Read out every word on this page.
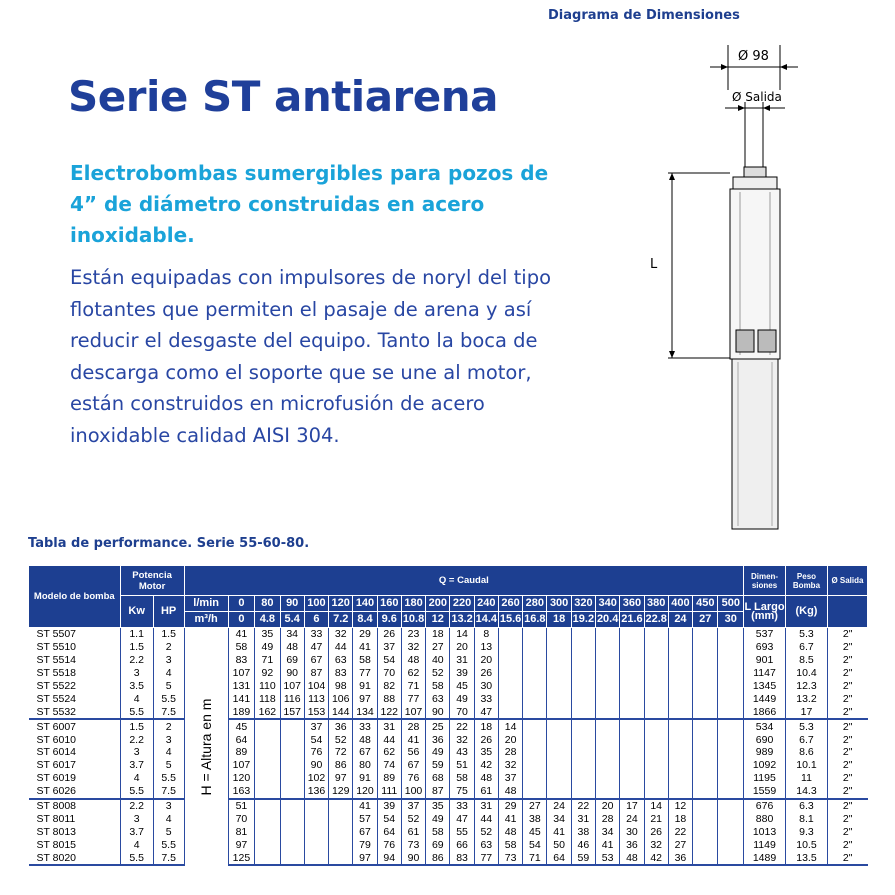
Diagrama de Dimensiones
Ø 98
Ø Salida
L
Serie ST antiarena
Electrobombas sumergibles para pozos de 4” de diámetro construidas en acero inoxidable.
Están equipadas con impulsores de noryl del tipo flotantes que permiten el pasaje de arena y así reducir el desgaste del equipo. Tanto la boca de descarga como el soporte que se une al motor, están construidos en microfusión de acero inoxidable calidad AISI 304.
Tabla de performance. Serie 55-60-80.
Modelo de bomba	Potencia Motor		Q = Caudal																						Dimen-siones	Peso Bomba	Ø Salida
	Kw	HP	l/min	0	80	90	100	120	140	160	180	200	220	240	260	280	300	320	340	360	380	400	450	500	L Largo (mm)	(Kg)	
			m³/h	0	4.8	5.4	6	7.2	8.4	9.6	10.8	12	13.2	14.4	15.6	16.8	18	19.2	20.4	21.6	22.8	24	27	30			
ST 5507	1.1	1.5	H = Altura en m	41	35	34	33	32	29	26	23	18	14	8											537	5.3	2"
ST 5510	1.5	2		58	49	48	47	44	41	37	32	27	20	13											693	6.7	2"
ST 5514	2.2	3		83	71	69	67	63	58	54	48	40	31	20											901	8.5	2"
ST 5518	3	4		107	92	90	87	83	77	70	62	52	39	26											1147	10.4	2"
ST 5522	3.5	5		131	110	107	104	98	91	82	71	58	45	30											1345	12.3	2"
ST 5524	4	5.5		141	118	116	113	106	97	88	77	63	49	33											1449	13.2	2"
ST 5532	5.5	7.5		189	162	157	153	144	134	122	107	90	70	47											1866	17	2"
ST 6007	1.5	2		45			37	36	33	31	28	25	22	18	14										534	5.3	2"
ST 6010	2.2	3		64			54	52	48	44	41	36	32	26	20										690	6.7	2"
ST 6014	3	4		89			76	72	67	62	56	49	43	35	28										989	8.6	2"
ST 6017	3.7	5		107			90	86	80	74	67	59	51	42	32										1092	10.1	2"
ST 6019	4	5.5		120			102	97	91	89	76	68	58	48	37										1195	11	2"
ST 6026	5.5	7.5		163			136	129	120	111	100	87	75	61	48										1559	14.3	2"
ST 8008	2.2	3		51					41	39	37	35	33	31	29	27	24	22	20	17	14	12			676	6.3	2"
ST 8011	3	4		70					57	54	52	49	47	44	41	38	34	31	28	24	21	18			880	8.1	2"
ST 8013	3.7	5		81					67	64	61	58	55	52	48	45	41	38	34	30	26	22			1013	9.3	2"
ST 8015	4	5.5		97					79	76	73	69	66	63	58	54	50	46	41	36	32	27			1149	10.5	2"
ST 8020	5.5	7.5		125					97	94	90	86	83	77	73	71	64	59	53	48	42	36			1489	13.5	2"
